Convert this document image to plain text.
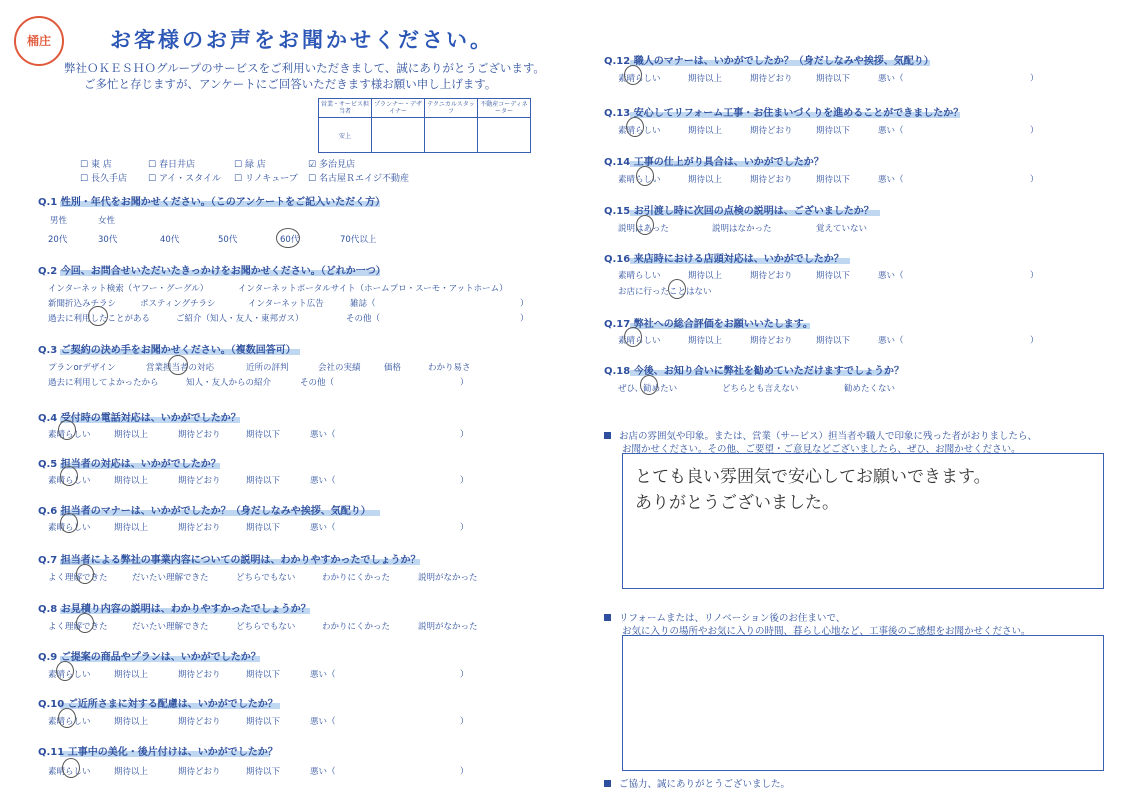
桶庄	お客様のお声をお聞かせください。
弊社ＯＫＥＳＨＯグループのサービスをご利用いただきまして、誠にありがとうございます。
ご多忙と存じますが、アンケートにご回答いただきます様お願い申し上げます。
営業・サービス担当者	プランナー・デザイナー	テクニカルスタッフ	不動産コーディネーター
安上			
☐ 東 店	☐ 春日井店	☐ 緑 店	☑ 多治見店
☐ 長久手店 ☐ アイ・スタイル ☐ リノキューブ ☐ 名古屋Ｒエイジ不動産
Q.1 性別・年代をお聞かせください。（このアンケートをご記入いただく方）
男性	女性
20代	30代	40代	50代	60代	70代以上
Q.2 今回、お問合せいただいたきっかけをお聞かせください。（どれか一つ）
インターネット検索（ヤフー・グーグル）	インターネットポータルサイト（ホームプロ・スーモ・アットホーム）
新聞折込みチラシ	ポスティングチラシ	インターネット広告	雑誌（	）
過去に利用したことがある	ご紹介（知人・友人・東邦ガス）	その他（	）
Q.3 ご契約の決め手をお聞かせください。（複数回答可）
プランorデザイン	営業担当者の対応	近所の評判	会社の実績	価格	わかり易さ
過去に利用してよかったから	知人・友人からの紹介	その他（	）
Q.4 受付時の電話対応は、いかがでしたか？
素晴らしい	期待以上	期待どおり	期待以下	悪い（	）
Q.5 担当者の対応は、いかがでしたか？
素晴らしい	期待以上	期待どおり	期待以下	悪い（	）
Q.6 担当者のマナーは、いかがでしたか？（身だしなみや挨拶、気配り）
素晴らしい	期待以上	期待どおり	期待以下	悪い（	）
Q.7 担当者による弊社の事業内容についての説明は、わかりやすかったでしょうか？
よく理解できた	だいたい理解できた	どちらでもない	わかりにくかった	説明がなかった
Q.8 お見積り内容の説明は、わかりやすかったでしょうか？
よく理解できた	だいたい理解できた	どちらでもない	わかりにくかった	説明がなかった
Q.9 ご提案の商品やプランは、いかがでしたか？
素晴らしい	期待以上	期待どおり	期待以下	悪い（	）
Q.10 ご近所さまに対する配慮は、いかがでしたか？
素晴らしい	期待以上	期待どおり	期待以下	悪い（	）
Q.11 工事中の美化・後片付けは、いかがでしたか？
素晴らしい	期待以上	期待どおり	期待以下	悪い（	）
Q.12 職人のマナーは、いかがでしたか？（身だしなみや挨拶、気配り）
素晴らしい	期待以上	期待どおり	期待以下	悪い（	）
Q.13 安心してリフォーム工事・お住まいづくりを進めることができましたか？
素晴らしい	期待以上	期待どおり	期待以下	悪い（	）
Q.14 工事の仕上がり具合は、いかがでしたか？
素晴らしい	期待以上	期待どおり	期待以下	悪い（	）
Q.15 お引渡し時に次回の点検の説明は、ございましたか？
説明はあった	説明はなかった	覚えていない
Q.16 来店時における店頭対応は、いかがでしたか？
素晴らしい	期待以上	期待どおり	期待以下	悪い（	）
お店に行ったことはない
Q.17 弊社への総合評価をお願いいたします。
素晴らしい	期待以上	期待どおり	期待以下	悪い（	）
Q.18 今後、お知り合いに弊社を勧めていただけますでしょうか？
ぜひ、勧めたい	どちらとも言えない	勧めたくない
お店の雰囲気や印象。または、営業（サービス）担当者や職人で印象に残った者がおりましたら、
お聞かせください。その他、ご要望・ご意見などございましたら、ぜひ、お聞かせください。
とても良い雰囲気で安心してお願いできます。
ありがとうございました。
リフォームまたは、リノベーション後のお住まいで、
お気に入りの場所やお気に入りの時間、暮らし心地など、工事後のご感想をお聞かせください。
ご協力、誠にありがとうございました。
